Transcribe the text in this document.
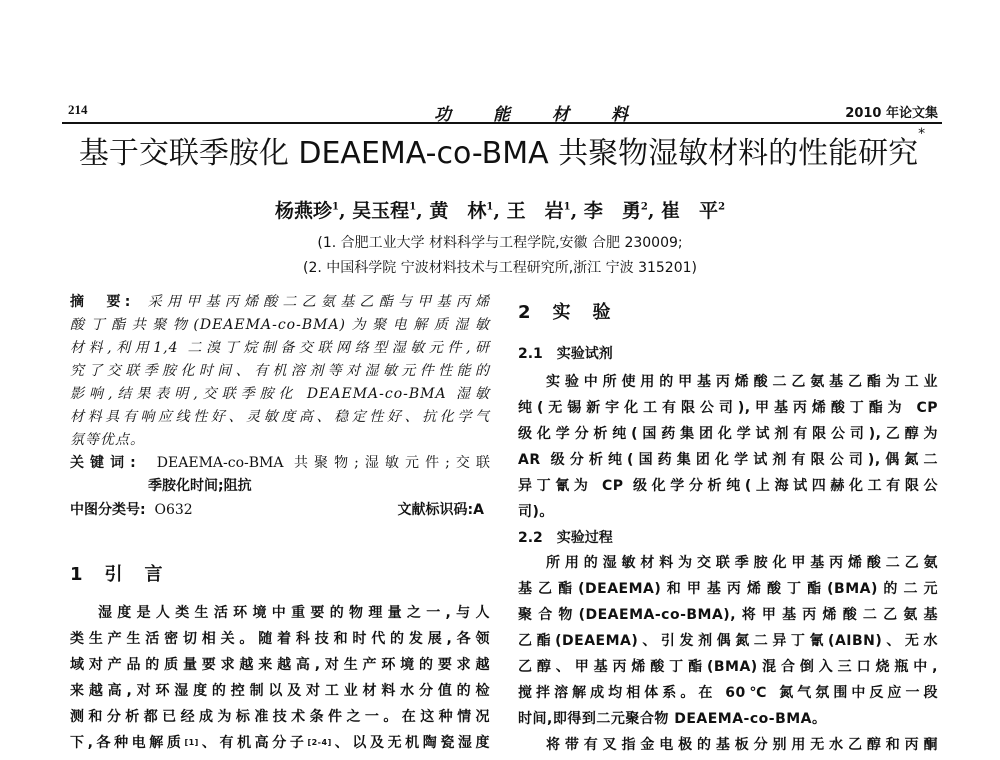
214	功能材料	2010 年论文集
基于交联季胺化 DEAEMA-co-BMA 共聚物湿敏材料的性能研究*
杨燕珍$^1$, 吴玉程$^1$, 黄　林$^1$, 王　岩$^1$, 李　勇$^2$, 崔　平$^2$
(1. 合肥工业大学 材料科学与工程学院,安徽 合肥 230009;
(2. 中国科学院 宁波材料技术与工程研究所,浙江 宁波 315201)
摘　要: 采用甲基丙烯酸二乙氨基乙酯与甲基丙烯
酸丁酯共聚物(DEAEMA-co-BMA)为聚电解质湿敏
材料,利用1,4 二溴丁烷制备交联网络型湿敏元件,研
究了交联季胺化时间、有机溶剂等对湿敏元件性能的
影响,结果表明,交联季胺化 DEAEMA-co-BMA 湿敏
材料具有响应线性好、灵敏度高、稳定性好、抗化学气
氛等优点。
关键词: DEAEMA-co-BMA 共聚物;湿敏元件;交联
季胺化时间;阻抗
中图分类号: O632	文献标识码:A
1　引　言
湿度是人类生活环境中重要的物理量之一,与人
类生产生活密切相关。随着科技和时代的发展,各领
域对产品的质量要求越来越高,对生产环境的要求越
来越高,对环湿度的控制以及对工业材料水分值的检
测和分析都已经成为标准技术条件之一。在这种情况
下,各种电解质[1]、有机高分子[2-4]、以及无机陶瓷湿度
2　实　验
2.1　实验试剂
实验中所使用的甲基丙烯酸二乙氨基乙酯为工业
纯(无锡新宇化工有限公司),甲基丙烯酸丁酯为 CP
级化学分析纯(国药集团化学试剂有限公司),乙醇为
AR 级分析纯(国药集团化学试剂有限公司),偶氮二
异丁氰为 CP 级化学分析纯(上海试四赫化工有限公
司)。
2.2　实验过程
所用的湿敏材料为交联季胺化甲基丙烯酸二乙氨
基乙酯(DEAEMA)和甲基丙烯酸丁酯(BMA)的二元
聚合物(DEAEMA-co-BMA),将甲基丙烯酸二乙氨基
乙酯(DEAEMA)、引发剂偶氮二异丁氰(AIBN)、无水
乙醇、甲基丙烯酸丁酯(BMA)混合倒入三口烧瓶中,
搅拌溶解成均相体系。在 60℃ 氮气氛围中反应一段
时间,即得到二元聚合物 DEAEMA-co-BMA。
将带有叉指金电极的基板分别用无水乙醇和丙酮
